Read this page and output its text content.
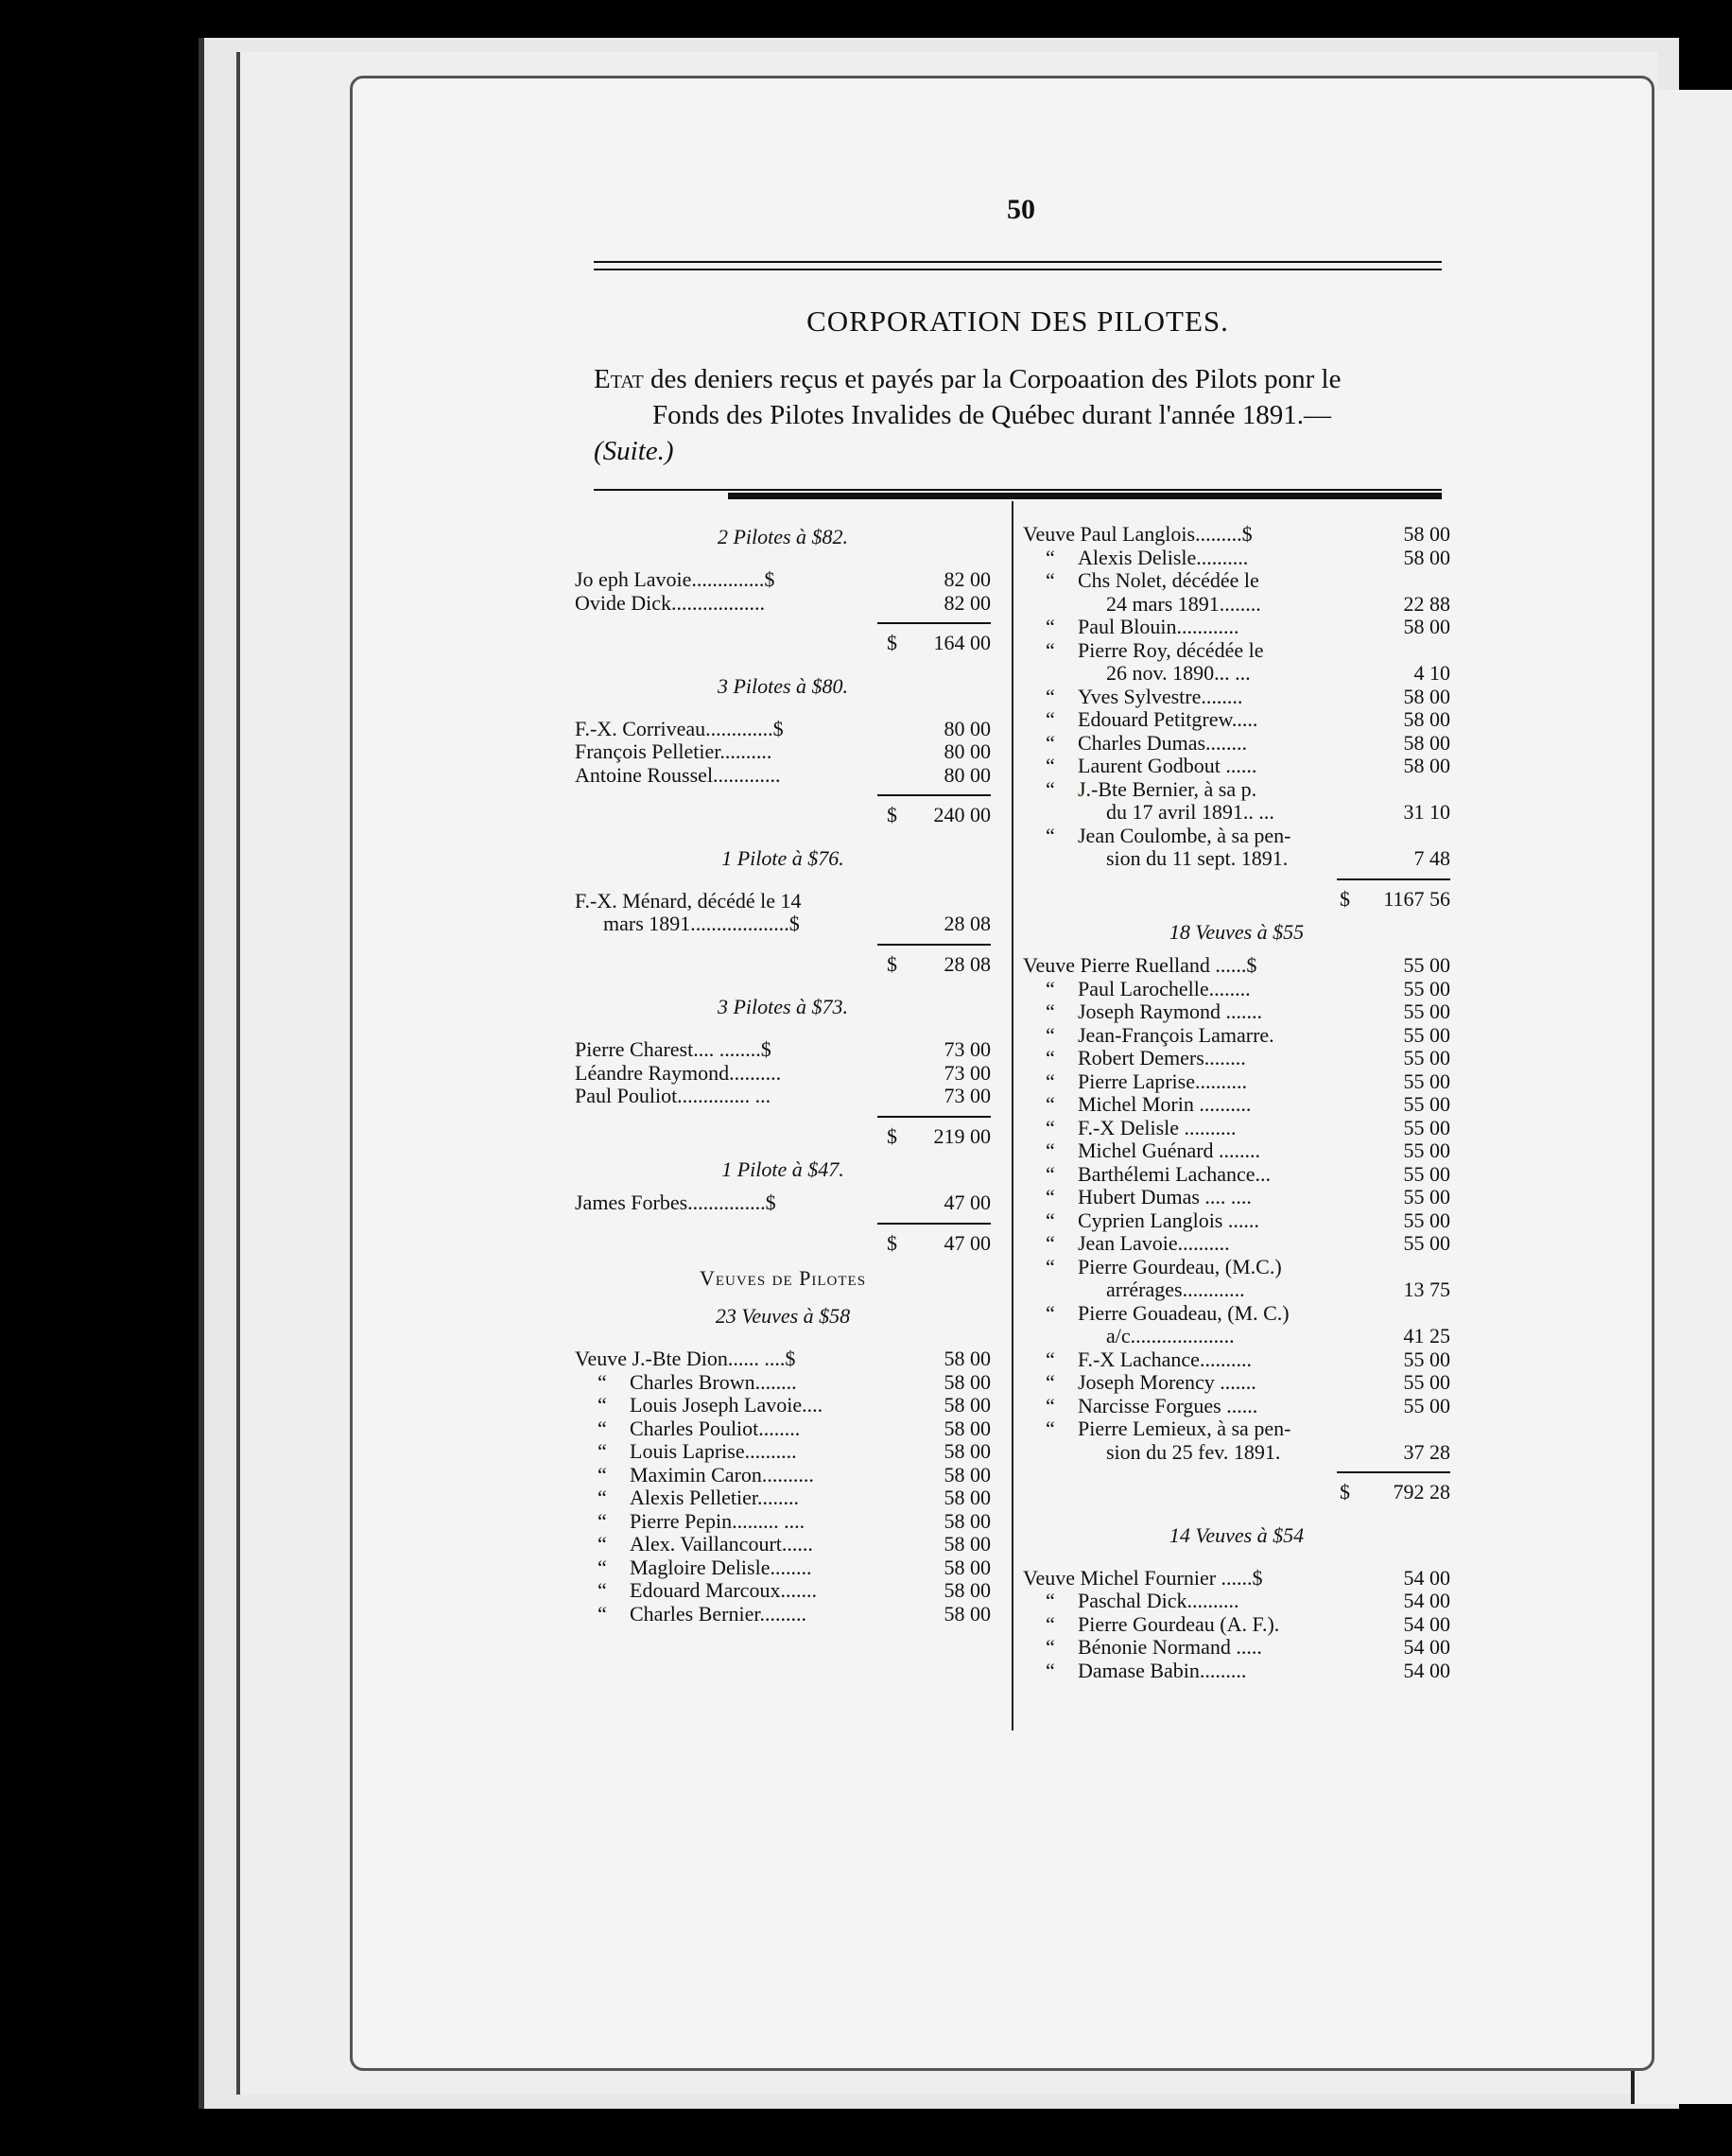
50
CORPORATION DES PILOTES.
Etat des deniers reçus et payés par la Corpoaation des Pilots ponr le
Fonds des Pilotes Invalides de Québec durant l'année 1891.—
(Suite.)
2 Pilotes à $82.
Jo eph Lavoie..............$	82 00
Ovide Dick..................	82 00
$	164 00
3 Pilotes à $80.
F.-X. Corriveau.............$	80 00
François Pelletier..........	80 00
Antoine Roussel.............	80 00
$	240 00
1 Pilote à $76.
F.-X. Ménard, décédé le 14
mars 1891...................$	28 08
$	28 08
3 Pilotes à $73.
Pierre Charest.... ........$	73 00
Léandre Raymond..........	73 00
Paul Pouliot.............. ...	73 00
$	219 00
1 Pilote à $47.
James Forbes...............$	47 00
$	47 00
Veuves de Pilotes
23 Veuves à $58
Veuve J.-Bte Dion...... ....$	58 00
“ Charles Brown........	58 00
“ Louis Joseph Lavoie....	58 00
“ Charles Pouliot........	58 00
“ Louis Laprise..........	58 00
“ Maximin Caron..........	58 00
“ Alexis Pelletier........	58 00
“ Pierre Pepin......... ....	58 00
“ Alex. Vaillancourt......	58 00
“ Magloire Delisle........	58 00
“ Edouard Marcoux.......	58 00
“ Charles Bernier.........	58 00
Veuve Paul Langlois.........$	58 00
“ Alexis Delisle..........	58 00
“ Chs Nolet, décédée le
24 mars 1891........	22 88
“ Paul Blouin............	58 00
“ Pierre Roy, décédée le
26 nov. 1890... ...	4 10
“ Yves Sylvestre........	58 00
“ Edouard Petitgrew.....	58 00
“ Charles Dumas........	58 00
“ Laurent Godbout ......	58 00
“ J.-Bte Bernier, à sa p.
du 17 avril 1891.. ...	31 10
“ Jean Coulombe, à sa pen-
sion du 11 sept. 1891.	7 48
$	1167 56
18 Veuves à $55
Veuve Pierre Ruelland ......$	55 00
“ Paul Larochelle........	55 00
“ Joseph Raymond .......	55 00
“ Jean-François Lamarre.	55 00
“ Robert Demers........	55 00
“ Pierre Laprise..........	55 00
“ Michel Morin ..........	55 00
“ F.-X Delisle ..........	55 00
“ Michel Guénard ........	55 00
“ Barthélemi Lachance...	55 00
“ Hubert Dumas .... ....	55 00
“ Cyprien Langlois ......	55 00
“ Jean Lavoie..........	55 00
“ Pierre Gourdeau, (M.C.)
arrérages............	13 75
“ Pierre Gouadeau, (M. C.)
a/c....................	41 25
“ F.-X Lachance..........	55 00
“ Joseph Morency .......	55 00
“ Narcisse Forgues ......	55 00
“ Pierre Lemieux, à sa pen-
sion du 25 fev. 1891.	37 28
$	792 28
14 Veuves à $54
Veuve Michel Fournier ......$	54 00
“ Paschal Dick..........	54 00
“ Pierre Gourdeau (A. F.).	54 00
“ Bénonie Normand .....	54 00
“ Damase Babin.........	54 00
